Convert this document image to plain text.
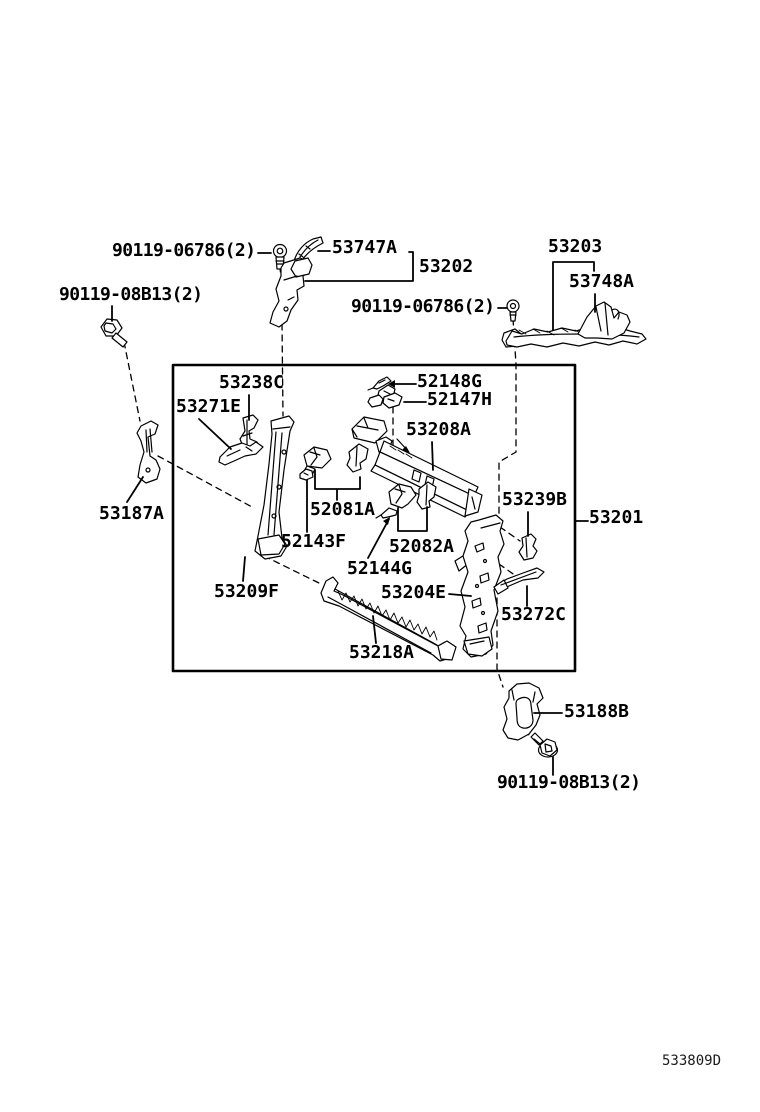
90119-06786(2)	53747A
53202
90119-08B13(2)
90119-06786(2)
53203
53748A
53187A
53238C
53271E
52148G
52147H
53208A
52081A
52143F 52082A
52144G
53239B
53201
53209F	53204E
53272C
53218A
53188B
90119-08B13(2)
533809D
